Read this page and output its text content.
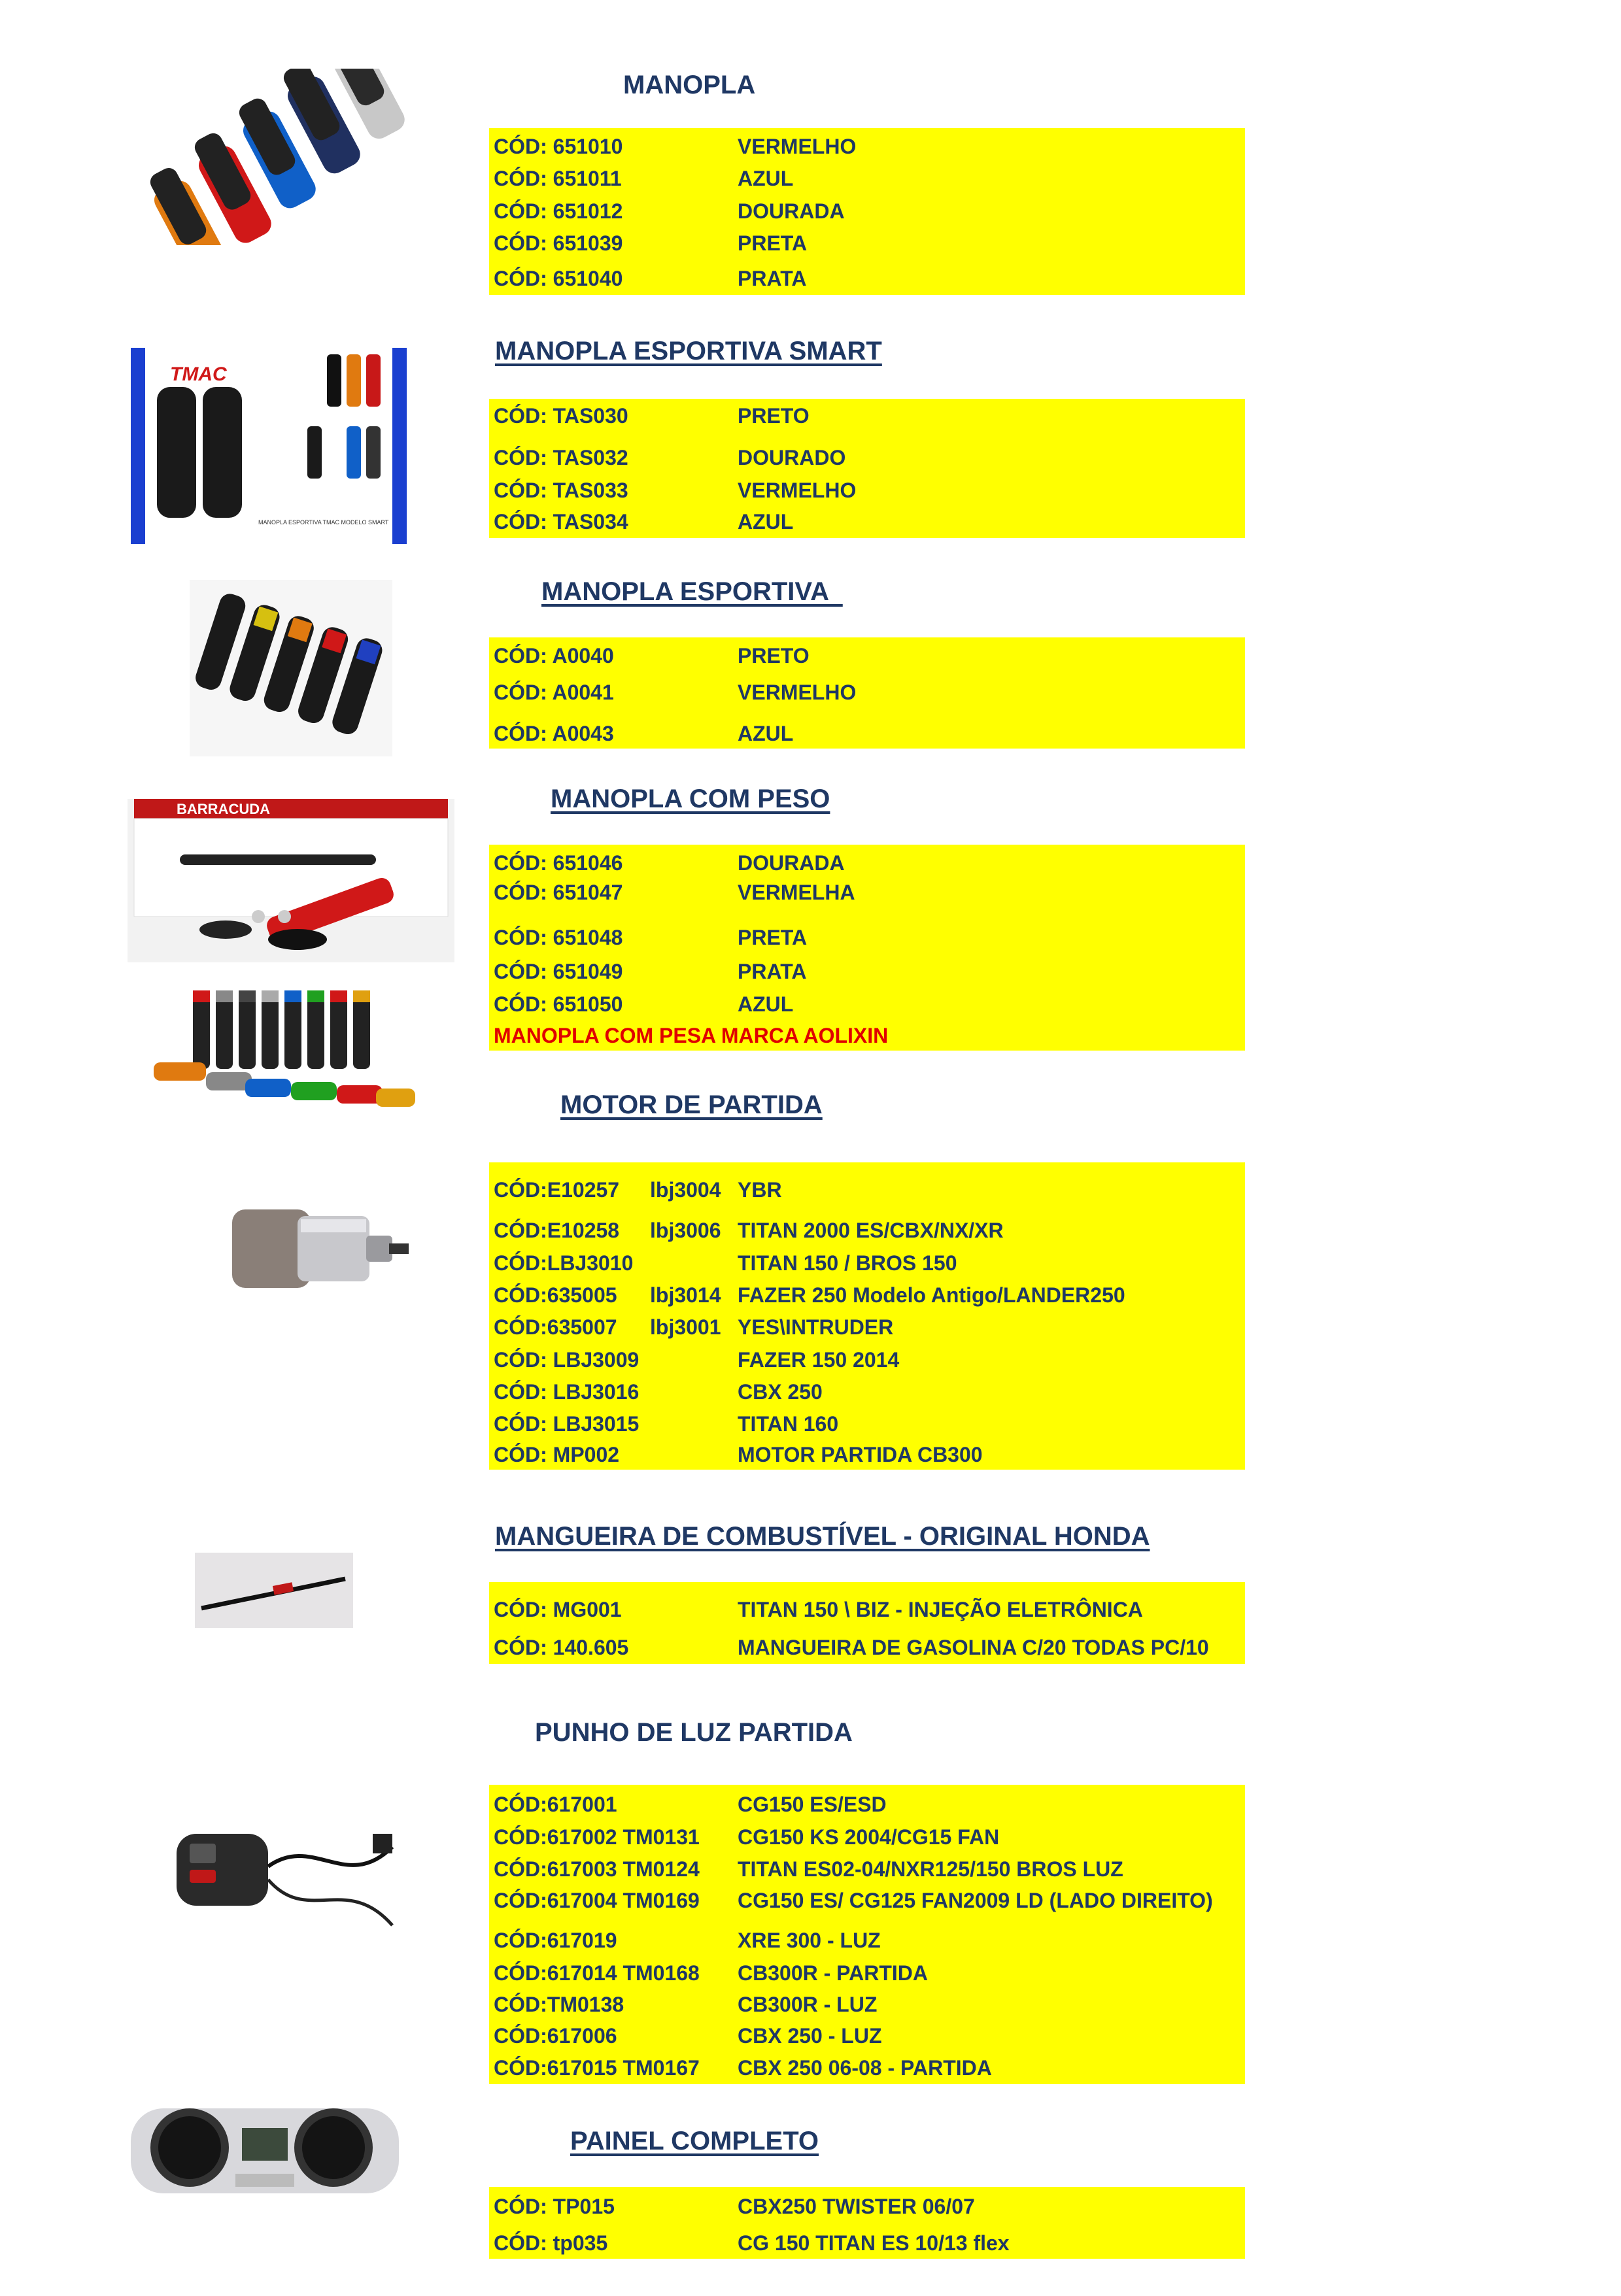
TMAC
MANOPLA ESPORTIVA TMAC MODELO SMART
BARRACUDA
MANOPLA
MANOPLA ESPORTIVA SMART
MANOPLA ESPORTIVA
MANOPLA COM PESO
MOTOR DE PARTIDA
MANGUEIRA DE COMBUSTÍVEL - ORIGINAL HONDA
PUNHO DE LUZ PARTIDA
PAINEL COMPLETO
CÓD: 651010	VERMELHO
CÓD: 651011	AZUL
CÓD: 651012	DOURADA
CÓD: 651039	PRETA
CÓD: 651040	PRATA
CÓD: TAS030	PRETO
CÓD: TAS032	DOURADO
CÓD: TAS033	VERMELHO
CÓD: TAS034	AZUL
CÓD: A0040	PRETO
CÓD: A0041	VERMELHO
CÓD: A0043	AZUL
CÓD: 651046	DOURADA
CÓD: 651047	VERMELHA
CÓD: 651048	PRETA
CÓD: 651049	PRATA
CÓD: 651050	AZUL
MANOPLA COM PESA MARCA AOLIXIN
CÓD:E10257 lbj3004 YBR
CÓD:E10258 lbj3006 TITAN 2000 ES/CBX/NX/XR
CÓD:LBJ3010	TITAN 150 / BROS 150
CÓD:635005 lbj3014 FAZER 250 Modelo Antigo/LANDER250
CÓD:635007 lbj3001 YES\INTRUDER
CÓD: LBJ3009	FAZER 150 2014
CÓD: LBJ3016	CBX 250
CÓD: LBJ3015	TITAN 160
CÓD: MP002	MOTOR PARTIDA CB300
CÓD: MG001	TITAN 150 \ BIZ - INJEÇÃO ELETRÔNICA
CÓD: 140.605	MANGUEIRA DE GASOLINA C/20 TODAS PC/10
CÓD:617001	CG150 ES/ESD
CÓD:617002 TM0131 CG150 KS 2004/CG15 FAN
CÓD:617003 TM0124 TITAN ES02-04/NXR125/150 BROS LUZ
CÓD:617004 TM0169 CG150 ES/ CG125 FAN2009 LD (LADO DIREITO)
CÓD:617019	XRE 300 - LUZ
CÓD:617014 TM0168 CB300R - PARTIDA
CÓD:TM0138	CB300R - LUZ
CÓD:617006	CBX 250 - LUZ
CÓD:617015 TM0167 CBX 250 06-08 - PARTIDA
CÓD: TP015	CBX250 TWISTER 06/07
CÓD: tp035	CG 150 TITAN ES 10/13 flex
